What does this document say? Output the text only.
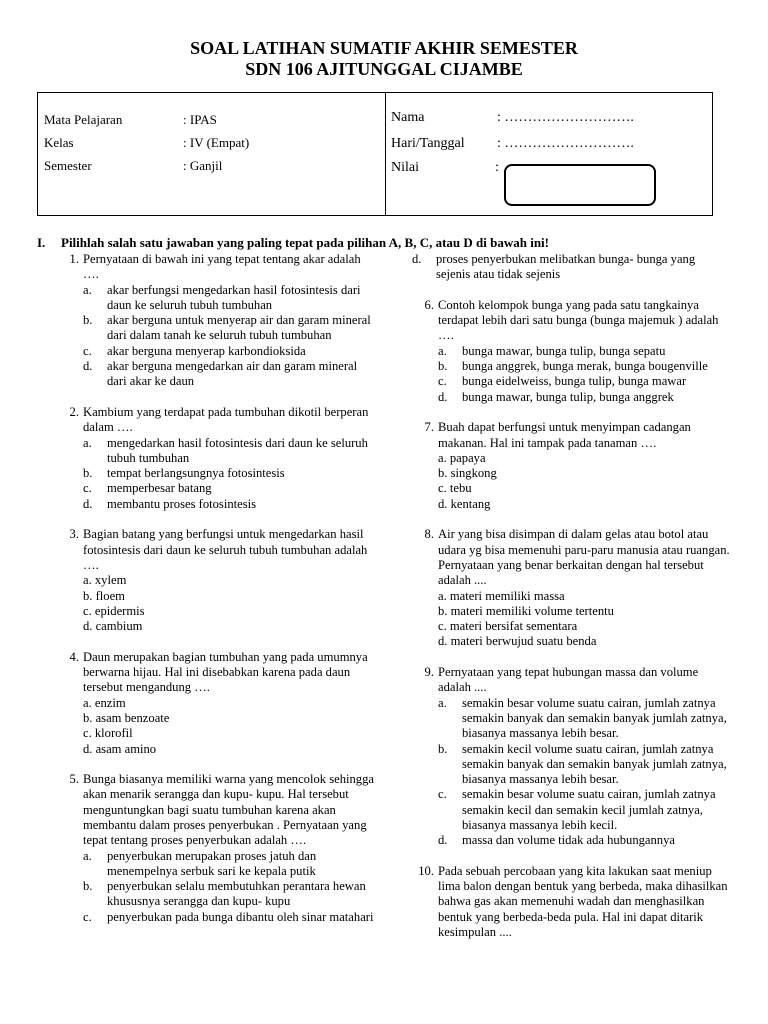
SOAL LATIHAN SUMATIF AKHIR SEMESTER
SDN 106 AJITUNGGAL CIJAMBE
Mata Pelajaran	: IPAS
Kelas	: IV (Empat)
Semester	: Ganjil
Nama	: ……………………….
Hari/Tanggal : ……………………….
Nilai	:
I. Pilihlah salah satu jawaban yang paling tepat pada pilihan A, B, C, atau D di bawah ini!
1. Pernyataan di bawah ini yang tepat tentang akar adalah ….
a. akar berfungsi mengedarkan hasil fotosintesis dari daun ke seluruh tubuh tumbuhan
b. akar berguna untuk menyerap air dan garam mineral dari dalam tanah ke seluruh tubuh tumbuhan
c. akar berguna menyerap karbondioksida
d. akar berguna mengedarkan air dan garam mineral dari akar ke daun
2. Kambium yang terdapat pada tumbuhan dikotil berperan dalam ….
a. mengedarkan hasil fotosintesis dari daun ke seluruh tubuh tumbuhan
b. tempat berlangsungnya fotosintesis
c. memperbesar batang
d. membantu proses fotosintesis
3. Bagian batang yang berfungsi untuk mengedarkan hasil fotosintesis dari daun ke seluruh tubuh tumbuhan adalah ….
a. xylem
b. floem
c. epidermis
d. cambium
4. Daun merupakan bagian tumbuhan yang pada umumnya berwarna hijau. Hal ini disebabkan karena pada daun tersebut mengandung ….
a. enzim
b. asam benzoate
c. klorofil
d. asam amino
5. Bunga biasanya memiliki warna yang mencolok sehingga akan menarik serangga dan kupu- kupu. Hal tersebut menguntungkan bagi suatu tumbuhan karena akan membantu dalam proses penyerbukan . Pernyataan yang tepat tentang proses penyerbukan adalah ….
a. penyerbukan merupakan proses jatuh dan menempelnya serbuk sari ke kepala putik
b. penyerbukan selalu membutuhkan perantara hewan khususnya serangga dan kupu- kupu
c. penyerbukan pada bunga dibantu oleh sinar matahari
d. proses penyerbukan melibatkan bunga- bunga yang sejenis atau tidak sejenis
6. Contoh kelompok bunga yang pada satu tangkainya terdapat lebih dari satu bunga (bunga majemuk ) adalah ….
a. bunga mawar, bunga tulip, bunga sepatu
b. bunga anggrek, bunga merak, bunga bougenville
c. bunga eidelweiss, bunga tulip, bunga mawar
d. bunga mawar, bunga tulip, bunga anggrek
7. Buah dapat berfungsi untuk menyimpan cadangan makanan. Hal ini tampak pada tanaman ….
a. papaya
b. singkong
c. tebu
d. kentang
8. Air yang bisa disimpan di dalam gelas atau botol atau udara yg bisa memenuhi paru-paru manusia atau ruangan. Pernyataan yang benar berkaitan dengan hal tersebut adalah ....
a. materi memiliki massa
b. materi memiliki volume tertentu
c. materi bersifat sementara
d. materi berwujud suatu benda
9. Pernyataan yang tepat hubungan massa dan volume adalah ....
a. semakin besar volume suatu cairan, jumlah zatnya semakin banyak dan semakin banyak jumlah zatnya, biasanya massanya lebih besar.
b. semakin kecil volume suatu cairan, jumlah zatnya semakin banyak dan semakin banyak jumlah zatnya, biasanya massanya lebih besar.
c. semakin besar volume suatu cairan, jumlah zatnya semakin kecil dan semakin kecil jumlah zatnya, biasanya massanya lebih kecil.
d. massa dan volume tidak ada hubungannya
10. Pada sebuah percobaan yang kita lakukan saat meniup lima balon dengan bentuk yang berbeda, maka dihasilkan bahwa gas akan memenuhi wadah dan menghasilkan bentuk yang berbeda-beda pula. Hal ini dapat ditarik kesimpulan ....
